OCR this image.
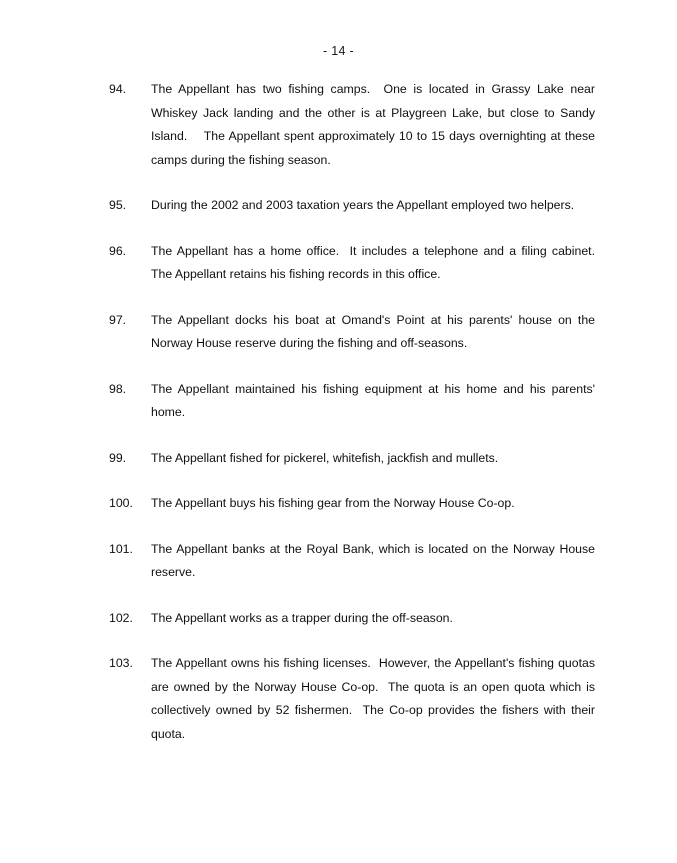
- 14 -
94.	The Appellant has two fishing camps.  One is located in Grassy Lake near Whiskey Jack landing and the other is at Playgreen Lake, but close to Sandy Island.    The Appellant spent approximately 10 to 15 days overnighting at these camps during the fishing season.
95.	During the 2002 and 2003 taxation years the Appellant employed two helpers.
96.	The Appellant has a home office.  It includes a telephone and a filing cabinet.  The Appellant retains his fishing records in this office.
97.	The Appellant docks his boat at Omand's Point at his parents' house on the Norway House reserve during the fishing and off-seasons.
98.	The Appellant maintained his fishing equipment at his home and his parents' home.
99.	The Appellant fished for pickerel, whitefish, jackfish and mullets.
100.	The Appellant buys his fishing gear from the Norway House Co-op.
101.	The Appellant banks at the Royal Bank, which is located on the Norway House reserve.
102.	The Appellant works as a trapper during the off-season.
103.	The Appellant owns his fishing licenses.  However, the Appellant's fishing quotas are owned by the Norway House Co-op.  The quota is an open quota which is collectively owned by 52 fishermen.  The Co-op provides the fishers with their quota.
